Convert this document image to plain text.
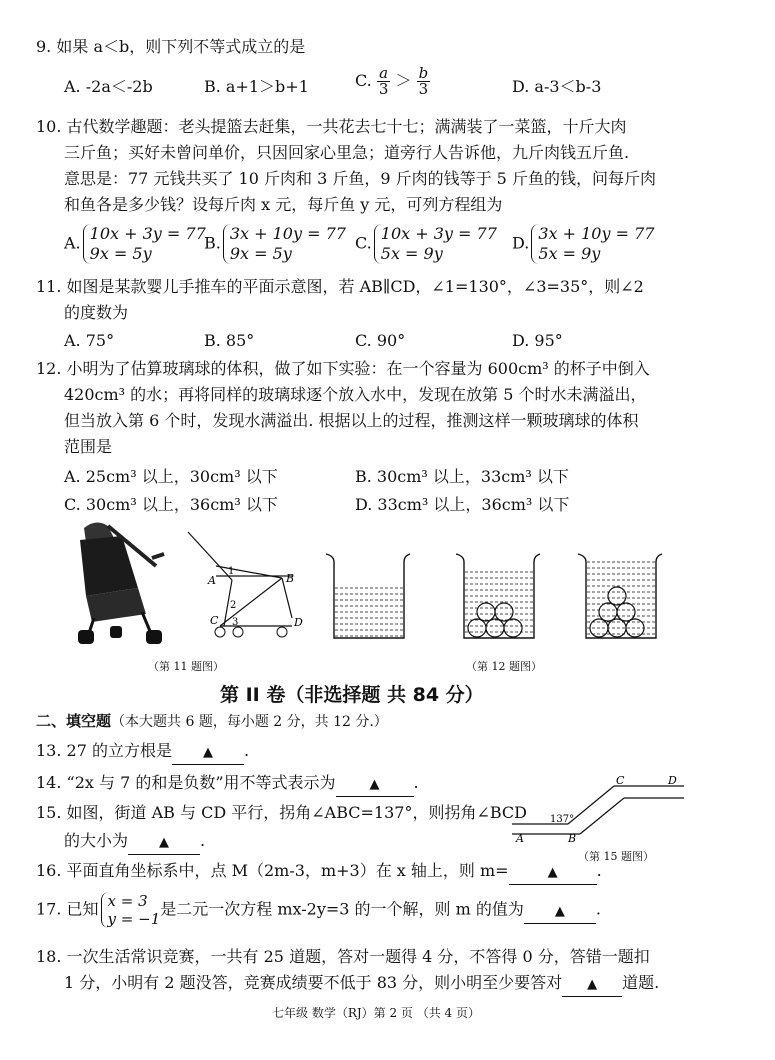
9. 如果 a＜b，则下列不等式成立的是
A. -2a＜-2b	B. a+1＞b+1	C. $\frac{a}{3} > \frac{b}{3}$	D. a-3＜b-3
10. 古代数学趣题：老头提篮去赶集，一共花去七十七；满满装了一菜篮，十斤大肉
三斤鱼；买好未曾问单价，只因回家心里急；道旁行人告诉他，九斤肉钱五斤鱼.
意思是：77 元钱共买了 10 斤肉和 3 斤鱼，9 斤肉的钱等于 5 斤鱼的钱，问每斤肉
和鱼各是多少钱？设每斤肉 x 元，每斤鱼 y 元，可列方程组为
A. 10x + 3y = 77
9x = 5y
B. 3x + 10y = 77
9x = 5y
C. 10x + 3y = 77
5x = 9y
D. 3x + 10y = 77
5x = 9y
11. 如图是某款婴儿手推车的平面示意图，若 AB∥CD，∠1=130°，∠3=35°，则∠2
的度数为
A. 75°	B. 85°	C. 90°	D. 95°
12. 小明为了估算玻璃球的体积，做了如下实验：在一个容量为 600cm³ 的杯子中倒入
420cm³ 的水；再将同样的玻璃球逐个放入水中，发现在放第 5 个时水未满溢出，
但当放入第 6 个时，发现水满溢出. 根据以上的过程，推测这样一颗玻璃球的体积
范围是
A. 25cm³ 以上，30cm³ 以下	B. 30cm³ 以上，33cm³ 以下
C. 30cm³ 以上，36cm³ 以下	D. 33cm³ 以上，36cm³ 以下
A	B
C	D
1
2
3
（第 11 题图）	（第 12 题图）
第 II 卷（非选择题 共 84 分）
二、填空题（本大题共 6 题，每小题 2 分，共 12 分.）
13. 27 的立方根是 ▲ .
14. “2x 与 7 的和是负数”用不等式表示为	▲ .
15. 如图，街道 AB 与 CD 平行，拐角∠ABC=137°，则拐角∠BCD
的大小为 ▲ .	A	B
C	D
137°
（第 15 题图）
16. 平面直角坐标系中，点 M（2m-3，m+3）在 x 轴上，则 m=	▲ .
17. 已知 x = 3
y = −1
是二元一次方程 mx-2y=3 的一个解，则 m 的值为 ▲ .
18. 一次生活常识竞赛，一共有 25 道题，答对一题得 4 分，不答得 0 分，答错一题扣
1 分，小明有 2 题没答，竞赛成绩要不低于 83 分，则小明至少要答对 ▲ 道题.
七年级 数学（RJ）第 2 页 （共 4 页）
